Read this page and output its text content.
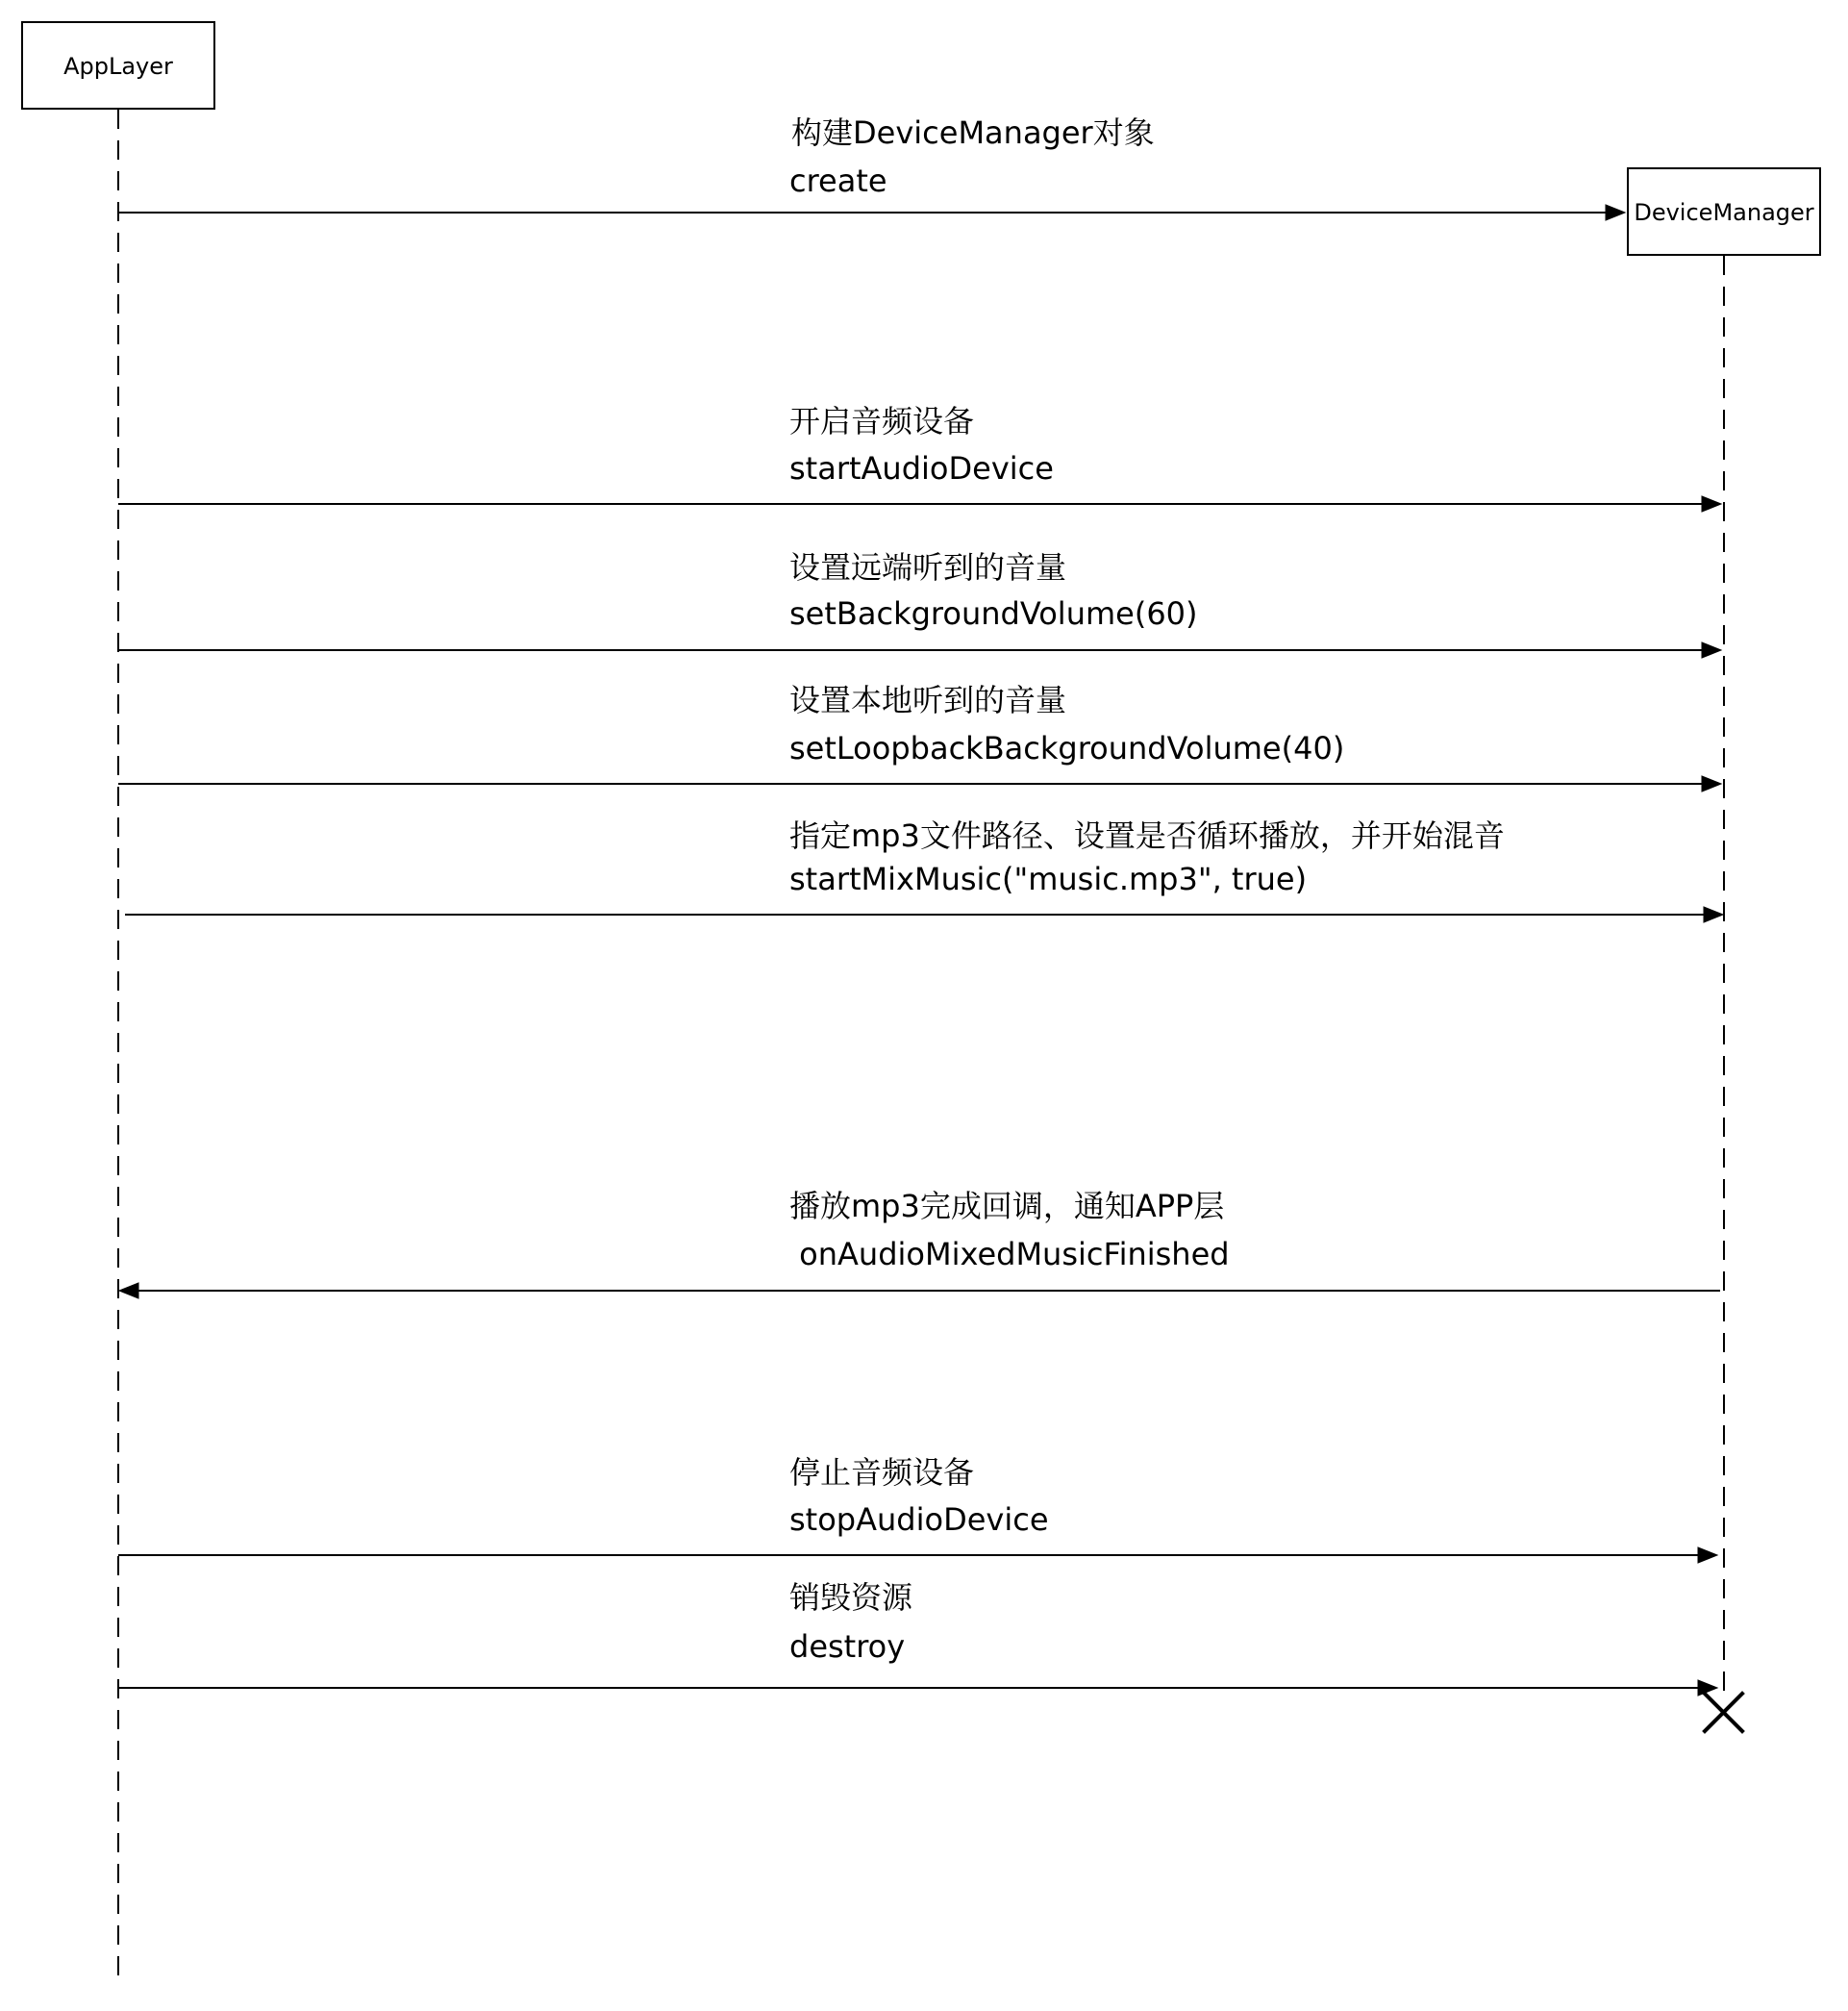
AppLayer
DeviceManager
构建DeviceManager对象
create
开启音频设备
startAudioDevice
设置远端听到的音量
setBackgroundVolume(60)
设置本地听到的音量
setLoopbackBackgroundVolume(40)
指定mp3文件路径、设置是否循环播放，并开始混音
startMixMusic("music.mp3", true)
播放mp3完成回调，通知APP层
onAudioMixedMusicFinished
停止音频设备
stopAudioDevice
销毁资源
destroy
